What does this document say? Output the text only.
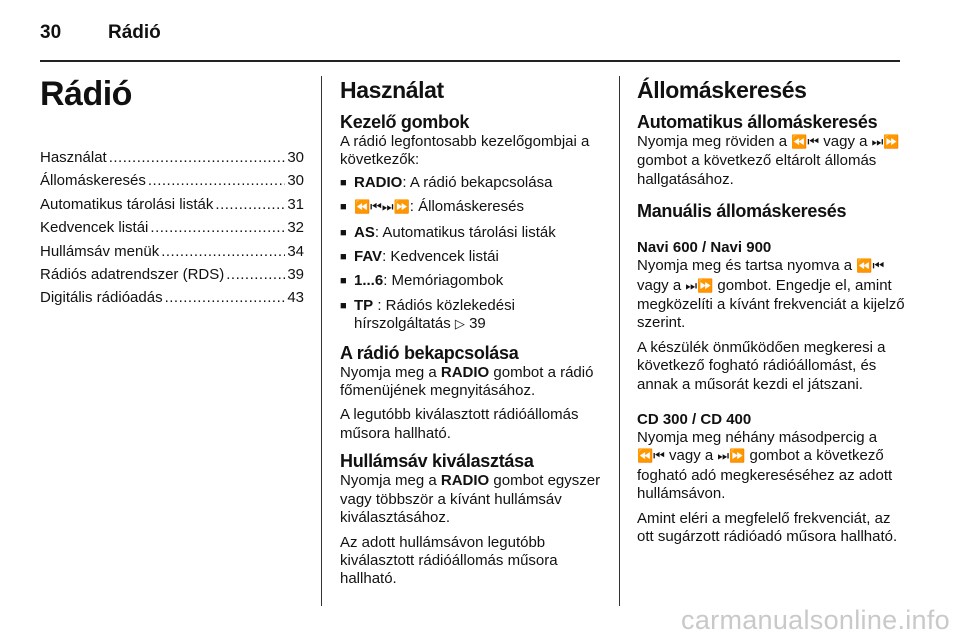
30 Rádió
Rádió
Használat .....	30
Állomáskeresés .....	30
Automatikus tárolási listák .....	31
Kedvencek listái .....	32
Hullámsáv menük .....	34
Rádiós adatrendszer (RDS) .....	39
Digitális rádióadás .....	43
Használat
Kezelő gombok

A rádió legfontosabb kezelőgombjai a következők:

■ RADIO: A rádió bekapcsolása
■ ⏪⏮⏭⏩: Állomáskeresés
■ AS: Automatikus tárolási listák
■ FAV: Kedvencek listái
■ 1...6: Memóriagombok
■ TP : Rádiós közlekedési hírszolgáltatás ▷ 39
A rádió bekapcsolása

Nyomja meg a RADIO gombot a rádió főmenüjének megnyitásához.

A legutóbb kiválasztott rádióállomás műsora hallható.

Hullámsáv kiválasztása

Nyomja meg a RADIO gombot egyszer vagy többször a kívánt hullámsáv kiválasztásához.

Az adott hullámsávon legutóbb kiválasztott rádióállomás műsora hallható.

Állomáskeresés
Automatikus állomáskeresés

Nyomja meg röviden a ⏪⏮ vagy a ⏭⏩ gombot a következő eltárolt állomás hallgatásához.

Manuális állomáskeresés
Navi 600 / Navi 900

Nyomja meg és tartsa nyomva a ⏪⏮ vagy a ⏭⏩ gombot. Engedje el, amint megközelíti a kívánt frekvenciát a kijelző szerint.

A készülék önműködően megkeresi a következő fogható rádióállomást, és annak a műsorát kezdi el játszani.

CD 300 / CD 400

Nyomja meg néhány másodpercig a ⏪⏮ vagy a ⏭⏩ gombot a következő fogható adó megkereséséhez az adott hullámsávon.

Amint eléri a megfelelő frekvenciát, az ott sugárzott rádióadó műsora hallható.

carmanualsonline.info
